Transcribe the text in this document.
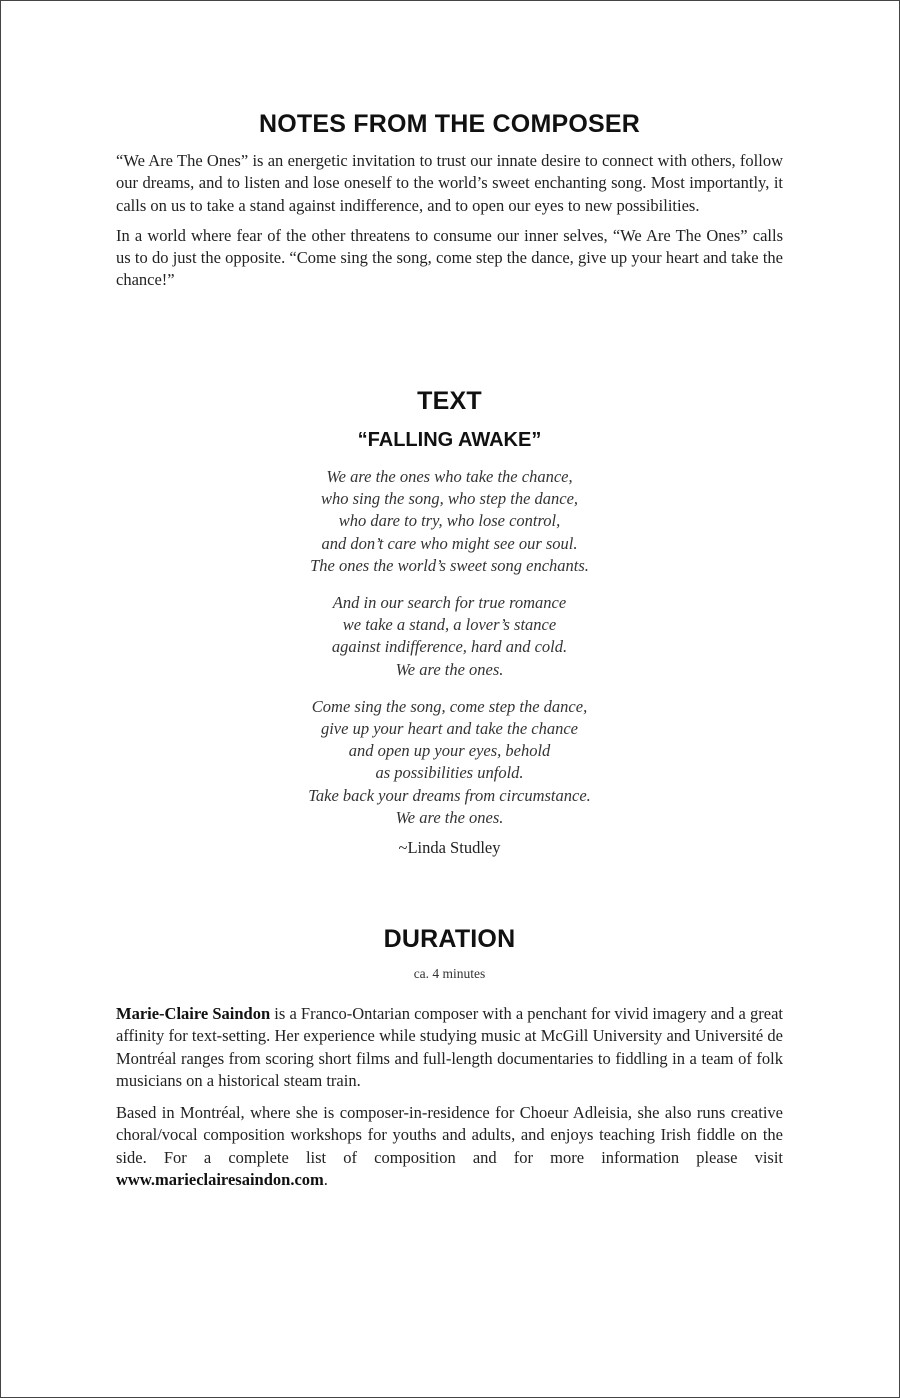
NOTES FROM THE COMPOSER

“We Are The Ones” is an energetic invitation to trust our innate desire to connect with others, follow our dreams, and to listen and lose oneself to the world’s sweet enchanting song. Most importantly, it calls on us to take a stand against indifference, and to open our eyes to new possibilities.

In a world where fear of the other threatens to consume our inner selves, “We Are The Ones” calls us to do just the opposite. “Come sing the song, come step the dance, give up your heart and take the chance!”

TEXT
“FALLING AWAKE”
We are the ones who take the chance,
who sing the song, who step the dance,
who dare to try, who lose control,
and don’t care who might see our soul.
The ones the world’s sweet song enchants.
And in our search for true romance
we take a stand, a lover’s stance
against indifference, hard and cold.
We are the ones.
Come sing the song, come step the dance,
give up your heart and take the chance
and open up your eyes, behold
as possibilities unfold.
Take back your dreams from circumstance.
We are the ones.
~Linda Studley
DURATION
ca. 4 minutes

Marie-Claire Saindon is a Franco-Ontarian composer with a penchant for vivid imagery and a great affinity for text-setting. Her experience while studying music at McGill University and Université de Montréal ranges from scoring short films and full-length documentaries to fiddling in a team of folk musicians on a historical steam train.

Based in Montréal, where she is composer-in-residence for Choeur Adleisia, she also runs creative choral/vocal composition workshops for youths and adults, and enjoys teaching Irish fiddle on the side. For a complete list of composition and for more information please visit www.marieclairesaindon.com.
